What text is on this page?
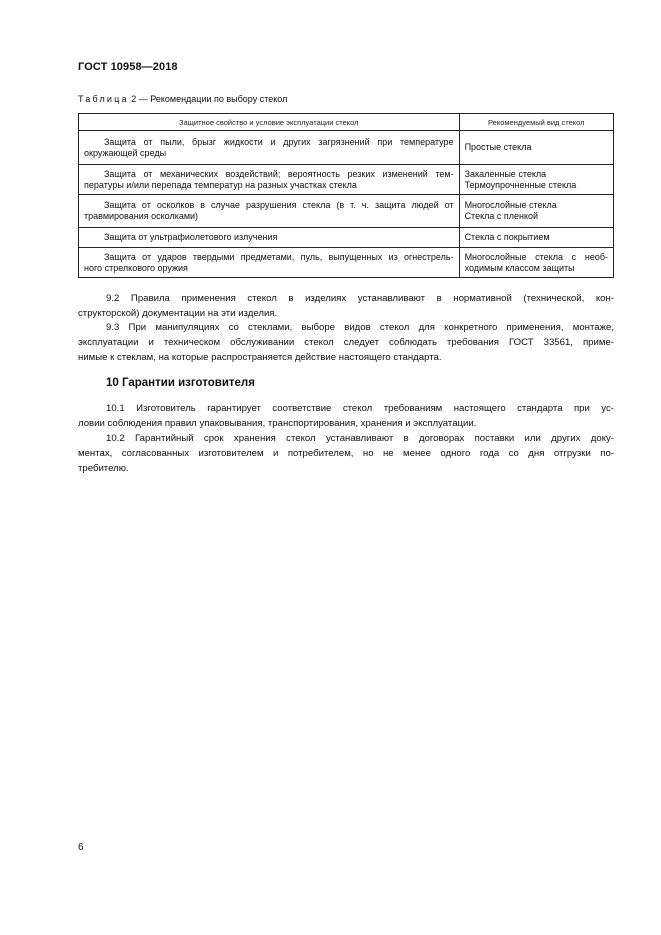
ГОСТ 10958—2018
Таблица 2 — Рекомендации по выбору стекол
Защитное свойство и условие эксплуатации стекол	Рекомендуемый вид стекол

Защита от пыли, брызг жидкости и других загрязнений при температуре
окружающей среды	Простые стекла

Защита от механических воздействий; вероятность резких изменений тем-
пературы и/или перепада температур на разных участках стекла	Закаленные стекла
Термоупрочненные стекла

Защита от осколков в случае разрушения стекла (в т. ч. защита людей от
травмирования осколками)	Многослойные стекла
Стекла с пленкой

Защита от ультрафиолетового излучения	Стекла с покрытием

Защита от ударов твердыми предметами, пуль, выпущенных из огнестрель-
ного стрелкового оружия	Многослойные стекла с необ-
ходимым классом защиты
9.2 Правила применения стекол в изделиях устанавливают в нормативной (технической, кон-
структорской) документации на эти изделия.
9.3 При манипуляциях со стеклами, выборе видов стекол для конкретного применения, монтаже,
эксплуатации и техническом обслуживании стекол следует соблюдать требования ГОСТ 33561, приме-
нимые к стеклам, на которые распространяется действие настоящего стандарта.
10 Гарантии изготовителя
10.1 Изготовитель гарантирует соответствие стекол требованиям настоящего стандарта при ус-
ловии соблюдения правил упаковывания, транспортирования, хранения и эксплуатации.
10.2 Гарантийный срок хранения стекол устанавливают в договорах поставки или других доку-
ментах, согласованных изготовителем и потребителем, но не менее одного года со дня отгрузки по-
требителю.
6
